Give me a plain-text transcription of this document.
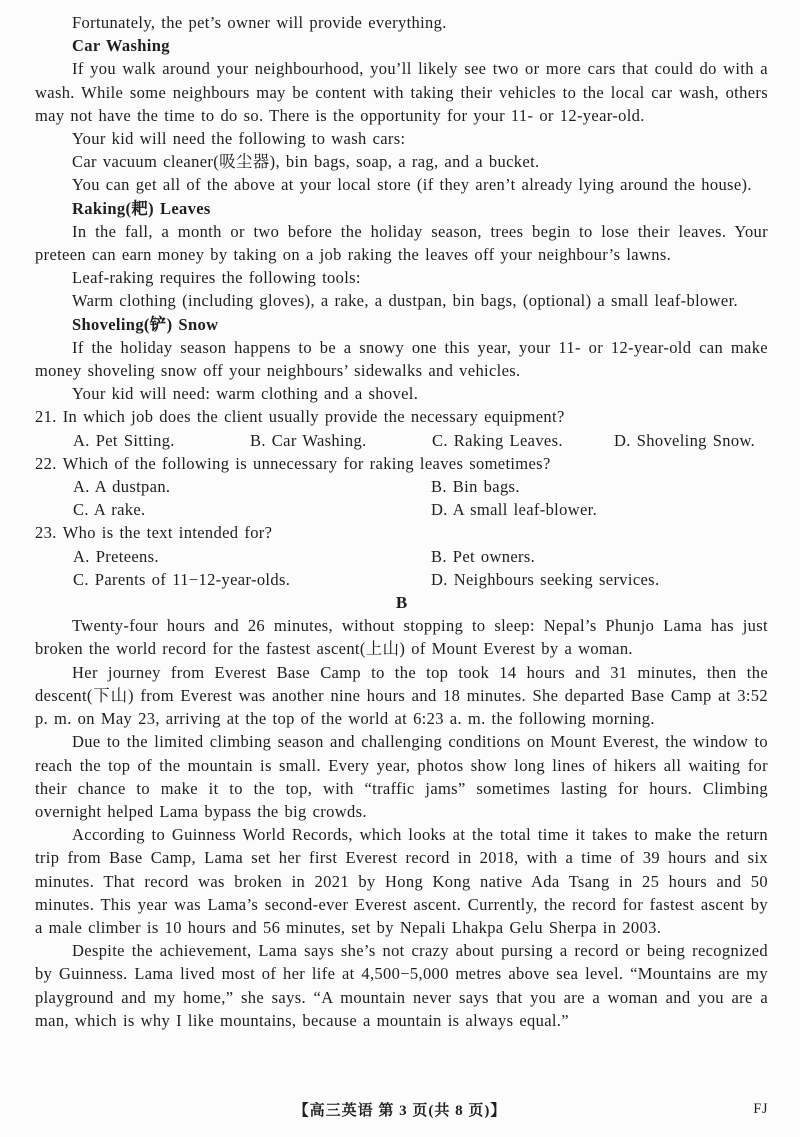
Fortunately, the pet’s owner will provide everything.

Car Washing

If you walk around your neighbourhood, you’ll likely see two or more cars that could do with a wash. While some neighbours may be content with taking their vehicles to the local car wash, others may not have the time to do so. There is the opportunity for your 11- or 12-year-old.

Your kid will need the following to wash cars:

Car vacuum cleaner(吸尘器), bin bags, soap, a rag, and a bucket.

You can get all of the above at your local store (if they aren’t already lying around the house).

Raking(耙) Leaves

In the fall, a month or two before the holiday season, trees begin to lose their leaves. Your preteen can earn money by taking on a job raking the leaves off your neighbour’s lawns.

Leaf-raking requires the following tools:

Warm clothing (including gloves), a rake, a dustpan, bin bags, (optional) a small leaf-blower.

Shoveling(铲) Snow

If the holiday season happens to be a snowy one this year, your 11- or 12-year-old can make money shoveling snow off your neighbours’ sidewalks and vehicles.

Your kid will need: warm clothing and a shovel.

21. In which job does the client usually provide the necessary equipment?
A. Pet Sitting.	B. Car Washing.	C. Raking Leaves.	D. Shoveling Snow.
22. Which of the following is unnecessary for raking leaves sometimes?
A. A dustpan.	B. Bin bags.
C. A rake.	D. A small leaf-blower.
23. Who is the text intended for?
A. Preteens.	B. Pet owners.
C. Parents of 11−12-year-olds.	D. Neighbours seeking services.
B

Twenty-four hours and 26 minutes, without stopping to sleep: Nepal’s Phunjo Lama has just broken the world record for the fastest ascent(上山) of Mount Everest by a woman.

Her journey from Everest Base Camp to the top took 14 hours and 31 minutes, then the descent(下山) from Everest was another nine hours and 18 minutes. She departed Base Camp at 3:52 p. m. on May 23, arriving at the top of the world at 6:23 a. m. the following morning.

Due to the limited climbing season and challenging conditions on Mount Everest, the window to reach the top of the mountain is small. Every year, photos show long lines of hikers all waiting for their chance to make it to the top, with “traffic jams” sometimes lasting for hours. Climbing overnight helped Lama bypass the big crowds.

According to Guinness World Records, which looks at the total time it takes to make the return trip from Base Camp, Lama set her first Everest record in 2018, with a time of 39 hours and six minutes. That record was broken in 2021 by Hong Kong native Ada Tsang in 25 hours and 50 minutes. This year was Lama’s second-ever Everest ascent. Currently, the record for fastest ascent by a male climber is 10 hours and 56 minutes, set by Nepali Lhakpa Gelu Sherpa in 2003.

Despite the achievement, Lama says she’s not crazy about pursing a record or being recognized by Guinness. Lama lived most of her life at 4,500−5,000 metres above sea level. “Mountains are my playground and my home,” she says. “A mountain never says that you are a woman and you are a man, which is why I like mountains, because a mountain is always equal.”

【高三英语 第 3 页(共 8 页)】	FJ
